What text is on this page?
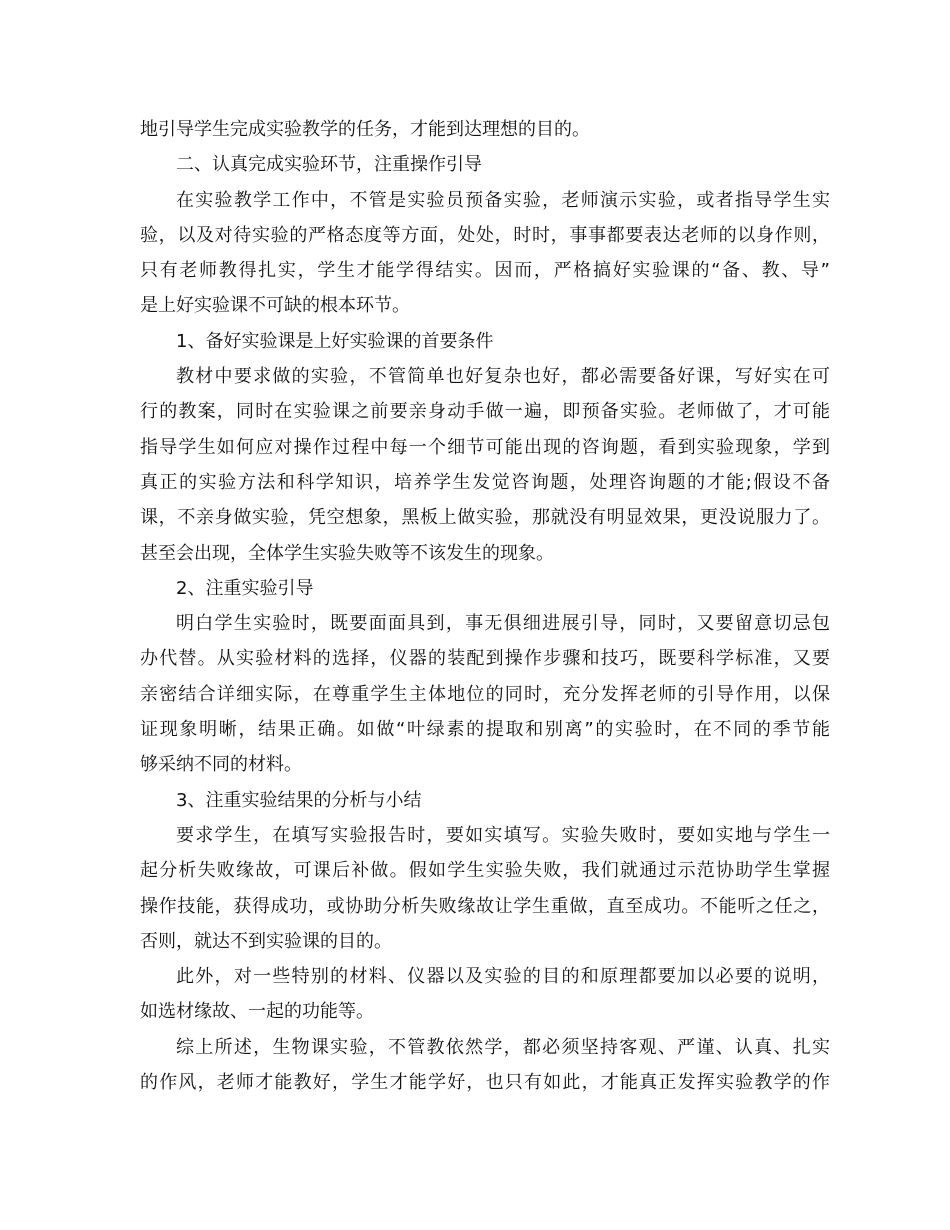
地引导学生完成实验教学的任务，才能到达理想的目的。
二、认真完成实验环节，注重操作引导
在实验教学工作中，不管是实验员预备实验，老师演示实验，或者指导学生实
验，以及对待实验的严格态度等方面，处处，时时，事事都要表达老师的以身作则，
只有老师教得扎实，学生才能学得结实。因而，严格搞好实验课的“备、教、导”
是上好实验课不可缺的根本环节。
1、备好实验课是上好实验课的首要条件
教材中要求做的实验，不管简单也好复杂也好，都必需要备好课，写好实在可
行的教案，同时在实验课之前要亲身动手做一遍，即预备实验。老师做了，才可能
指导学生如何应对操作过程中每一个细节可能出现的咨询题，看到实验现象，学到
真正的实验方法和科学知识，培养学生发觉咨询题，处理咨询题的才能;假设不备
课，不亲身做实验，凭空想象，黑板上做实验，那就没有明显效果，更没说服力了。
甚至会出现，全体学生实验失败等不该发生的现象。
2、注重实验引导
明白学生实验时，既要面面具到，事无俱细进展引导，同时，又要留意切忌包
办代替。从实验材料的选择，仪器的装配到操作步骤和技巧，既要科学标准，又要
亲密结合详细实际，在尊重学生主体地位的同时，充分发挥老师的引导作用，以保
证现象明晰，结果正确。如做“叶绿素的提取和别离”的实验时，在不同的季节能
够采纳不同的材料。
3、注重实验结果的分析与小结
要求学生，在填写实验报告时，要如实填写。实验失败时，要如实地与学生一
起分析失败缘故，可课后补做。假如学生实验失败，我们就通过示范协助学生掌握
操作技能，获得成功，或协助分析失败缘故让学生重做，直至成功。不能听之任之，
否则，就达不到实验课的目的。
此外，对一些特别的材料、仪器以及实验的目的和原理都要加以必要的说明，
如选材缘故、一起的功能等。
综上所述，生物课实验，不管教依然学，都必须坚持客观、严谨、认真、扎实
的作风，老师才能教好，学生才能学好，也只有如此，才能真正发挥实验教学的作
